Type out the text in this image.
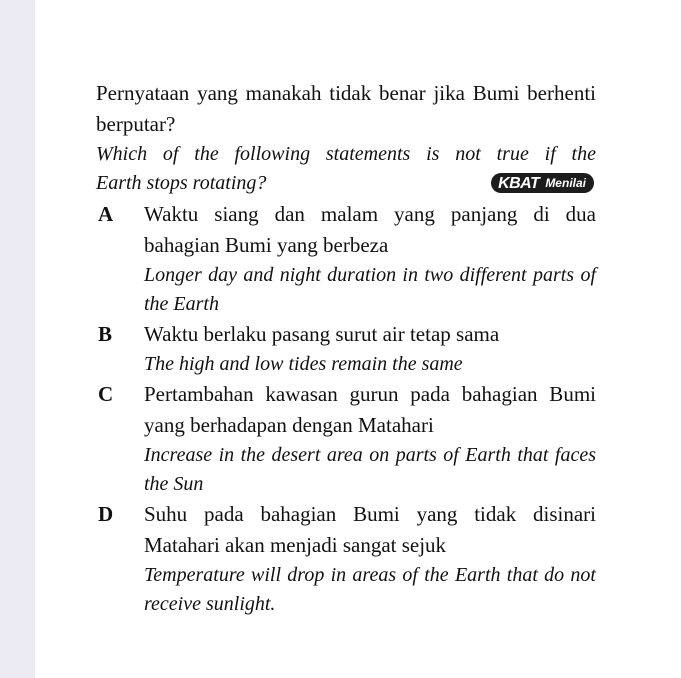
Pernyataan yang manakah tidak benar jika Bumi berhenti berputar?
Which of the following statements is not true if the
Earth stops rotating?	KBAT Menilai
A Waktu siang dan malam yang panjang di dua bahagian Bumi yang berbeza
Longer day and night duration in two different parts of the Earth
B Waktu berlaku pasang surut air tetap sama
The high and low tides remain the same
C Pertambahan kawasan gurun pada bahagian Bumi yang berhadapan dengan Matahari
Increase in the desert area on parts of Earth that faces the Sun
D Suhu pada bahagian Bumi yang tidak disinari Matahari akan menjadi sangat sejuk
Temperature will drop in areas of the Earth that do not receive sunlight.
